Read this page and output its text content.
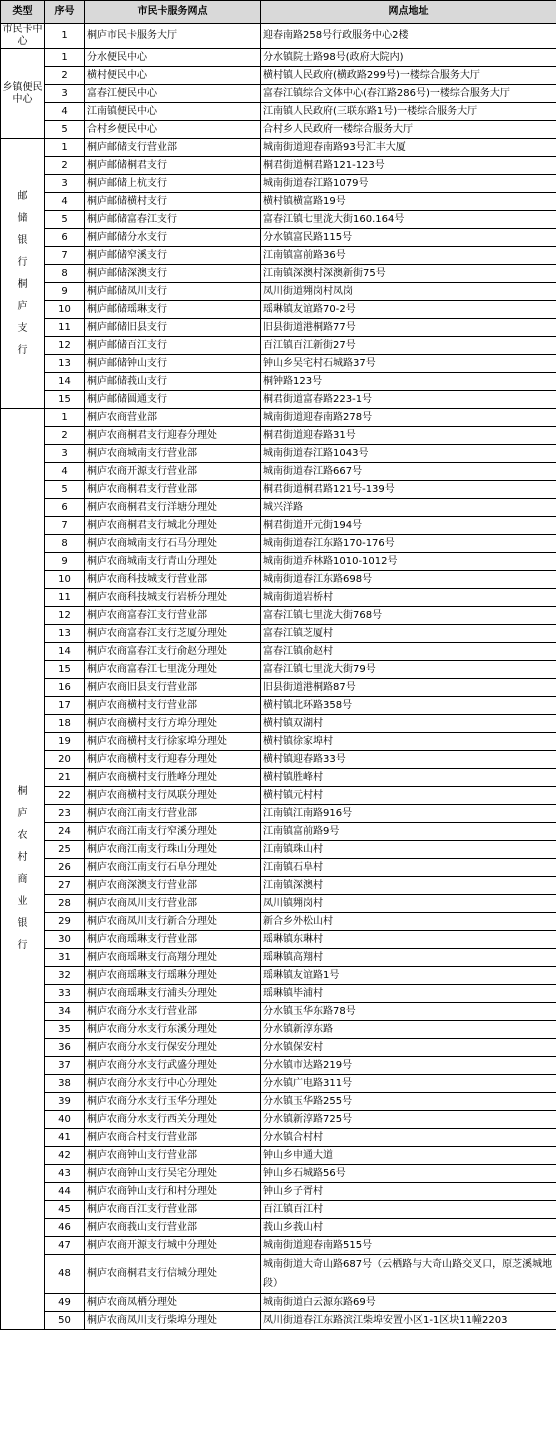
类型	序号	市民卡服务网点	网点地址
市民卡中心	1	桐庐市民卡服务大厅	迎春南路258号行政服务中心2楼
乡镇便民中心	1	分水便民中心	分水镇院士路98号(政府大院内)
	2	横村便民中心	横村镇人民政府(横政路299号)一楼综合服务大厅
	3	富春江便民中心	富春江镇综合文体中心(春江路286号)一楼综合服务大厅
	4	江南镇便民中心	江南镇人民政府(三联东路1号)一楼综合服务大厅
	5	合村乡便民中心	合村乡人民政府一楼综合服务大厅
邮储银行桐庐支行	1	桐庐邮储支行营业部	城南街道迎春南路93号汇丰大厦
	2	桐庐邮储桐君支行	桐君街道桐君路121-123号
	3	桐庐邮储上杭支行	城南街道春江路1079号
	4	桐庐邮储横村支行	横村镇横富路19号
	5	桐庐邮储富春江支行	富春江镇七里泷大街160.164号
	6	桐庐邮储分水支行	分水镇富民路115号
	7	桐庐邮储窄溪支行	江南镇富前路36号
	8	桐庐邮储深澳支行	江南镇深澳村深澳新街75号
	9	桐庐邮储凤川支行	凤川街道翙岗村凤岗
	10	桐庐邮储瑶琳支行	瑶琳镇友谊路70-2号
	11	桐庐邮储旧县支行	旧县街道港桐路77号
	12	桐庐邮储百江支行	百江镇百江新街27号
	13	桐庐邮储钟山支行	钟山乡吴宅村石城路37号
	14	桐庐邮储莪山支行	桐钟路123号
	15	桐庐邮储圆通支行	桐君街道富春路223-1号
桐庐农村商业银行	1	桐庐农商营业部	城南街道迎春南路278号
	2	桐庐农商桐君支行迎春分理处	桐君街道迎春路31号
	3	桐庐农商城南支行营业部	城南街道春江路1043号
	4	桐庐农商开源支行营业部	城南街道春江路667号
	5	桐庐农商桐君支行营业部	桐君街道桐君路121号-139号
	6	桐庐农商桐君支行洋塘分理处	城兴洋路
	7	桐庐农商桐君支行城北分理处	桐君街道开元街194号
	8	桐庐农商城南支行石马分理处	城南街道春江东路170-176号
	9	桐庐农商城南支行青山分理处	城南街道乔林路1010-1012号
	10	桐庐农商科技城支行营业部	城南街道春江东路698号
	11	桐庐农商科技城支行岩桥分理处	城南街道岩桥村
	12	桐庐农商富春江支行营业部	富春江镇七里泷大街768号
	13	桐庐农商富春江支行芝厦分理处	富春江镇芝厦村
	14	桐庐农商富春江支行俞赵分理处	富春江镇俞赵村
	15	桐庐农商富春江七里泷分理处	富春江镇七里泷大街79号
	16	桐庐农商旧县支行营业部	旧县街道港桐路87号
	17	桐庐农商横村支行营业部	横村镇北环路358号
	18	桐庐农商横村支行方埠分理处	横村镇双湖村
	19	桐庐农商横村支行徐家埠分理处	横村镇徐家埠村
	20	桐庐农商横村支行迎春分理处	横村镇迎春路33号
	21	桐庐农商横村支行胜峰分理处	横村镇胜峰村
	22	桐庐农商横村支行凤联分理处	横村镇元村村
	23	桐庐农商江南支行营业部	江南镇江南路916号
	24	桐庐农商江南支行窄溪分理处	江南镇富前路9号
	25	桐庐农商江南支行珠山分理处	江南镇珠山村
	26	桐庐农商江南支行石阜分理处	江南镇石阜村
	27	桐庐农商深澳支行营业部	江南镇深澳村
	28	桐庐农商凤川支行营业部	凤川镇翙岗村
	29	桐庐农商凤川支行新合分理处	新合乡外松山村
	30	桐庐农商瑶琳支行营业部	瑶琳镇东琳村
	31	桐庐农商瑶琳支行高翔分理处	瑶琳镇高翔村
	32	桐庐农商瑶琳支行瑶琳分理处	瑶琳镇友谊路1号
	33	桐庐农商瑶琳支行浦头分理处	瑶琳镇毕浦村
	34	桐庐农商分水支行营业部	分水镇玉华东路78号
	35	桐庐农商分水支行东溪分理处	分水镇新淳东路
	36	桐庐农商分水支行保安分理处	分水镇保安村
	37	桐庐农商分水支行武盛分理处	分水镇市达路219号
	38	桐庐农商分水支行中心分理处	分水镇广电路311号
	39	桐庐农商分水支行玉华分理处	分水镇玉华路255号
	40	桐庐农商分水支行西关分理处	分水镇新淳路725号
	41	桐庐农商合村支行营业部	分水镇合村村
	42	桐庐农商钟山支行营业部	钟山乡申通大道
	43	桐庐农商钟山支行吴宅分理处	钟山乡石城路56号
	44	桐庐农商钟山支行和村分理处	钟山乡子胥村
	45	桐庐农商百江支行营业部	百江镇百江村
	46	桐庐农商莪山支行营业部	莪山乡莪山村
	47	桐庐农商开源支行城中分理处	城南街道迎春南路515号
	48	桐庐农商桐君支行信城分理处	城南街道大奇山路687号（云栖路与大奇山路交叉口，原芝溪城地段）
	49	桐庐农商凤栖分理处	城南街道白云源东路69号
	50	桐庐农商凤川支行柴埠分理处	凤川街道春江东路滨江柴埠安置小区1-1区块11幢2203
